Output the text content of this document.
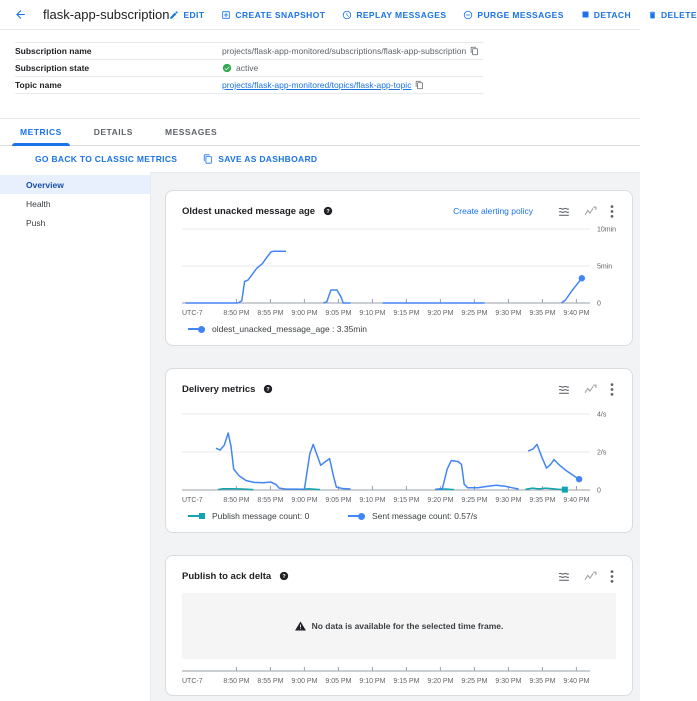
flask-app-subscription EDIT	CREATE SNAPSHOT	REPLAY MESSAGES	PURGE MESSAGES	DETACH	DELETE
Subscription name	projects/flask-app-monitored/subscriptions/flask-app-subscription
Subscription state	active
Topic name	projects/flask-app-monitored/topics/flask-app-topic
METRICS	DETAILS	MESSAGES
GO BACK TO CLASSIC METRICS	SAVE AS DASHBOARD
Overview
Health
Push
Oldest unacked message age ?	Create alerting policy
0
5min
10min
8:50 PM 8:55 PM 9:00 PM 9:05 PM 9:10 PM 9:15 PM 9:20 PM 9:25 PM 9:30 PM 9:35 PM 9:40 PM
UTC-7
oldest_unacked_message_age : 3.35min
Delivery metrics ?
0
2/s
4/s
8:50 PM 8:55 PM 9:00 PM 9:05 PM 9:10 PM 9:15 PM 9:20 PM 9:25 PM 9:30 PM 9:35 PM 9:40 PM
UTC-7
Publish message count: 0	Sent message count: 0.57/s
Publish to ack delta ?
No data is available for the selected time frame.
8:50 PM 8:55 PM 9:00 PM 9:05 PM 9:10 PM 9:15 PM 9:20 PM 9:25 PM 9:30 PM 9:35 PM 9:40 PM
UTC-7
